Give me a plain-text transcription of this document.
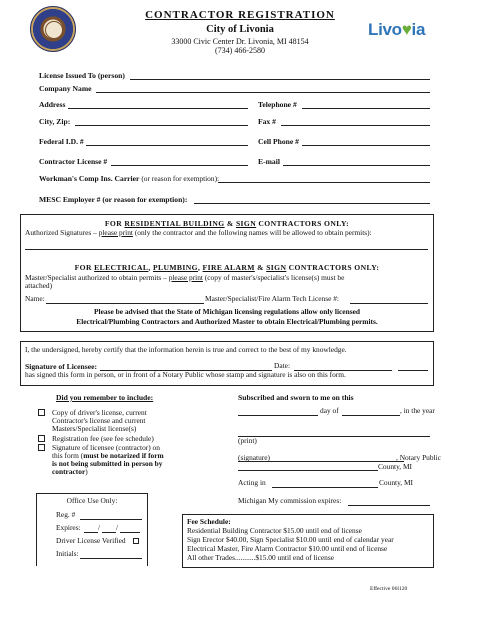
CONTRACTOR REGISTRATION
City of Livonia
33000 Civic Center Dr. Livonia, MI 48154
(734) 466-2580
Livo♥ia
License Issued To (person)
Company Name
Address	Telephone #
City, Zip:	Fax #
Federal I.D. #	Cell Phone #
Contractor License #	E-mail
Workman's Comp Ins. Carrier (or reason for exemption):
MESC Employer # (or reason for exemption):
FOR RESIDENTIAL BUILDING & SIGN CONTRACTORS ONLY:
Authorized Signatures – please print (only the contractor and the following names will be allowed to obtain permits):
FOR ELECTRICAL, PLUMBING, FIRE ALARM & SIGN CONTRACTORS ONLY:
Master/Specialist authorized to obtain permits – please print (copy of master's/specialist's license(s) must be
attached)
Name:	Master/Specialist/Fire Alarm Tech License #:
Please be advised that the State of Michigan licensing regulations allow only licensed
Electrical/Plumbing Contractors and Authorized Master to obtain Electrical/Plumbing permits.
I, the undersigned, hereby certify that the information herein is true and correct to the best of my knowledge.
Signature of Licensee:	Date:
has signed this form in person, or in front of a Notary Public whose stamp and signature is also on this form.
Did you remember to include:
Copy of driver's license, current
Contractor's license and current
Masters/Specialist license(s)
Registration fee (see fee schedule)
Signature of licensee (contractor) on
this form (must be notarized if form
is not being submitted in person by
contractor)
Subscribed and sworn to me on this
day of	, in the year
(print)
(signature)	, Notary Public
County, MI
Acting in	County, MI
Michigan My commission expires:
Office Use Only:
Reg. #
Expires: / /
Driver License Verified
Initials:
Fee Schedule:
Residential Building Contractor $15.00 until end of license
Sign Erector $40.00, Sign Specialist $10.00 until end of calendar year
Electrical Master, Fire Alarm Contractor $10.00 until end of license
All other Trades...........$15.00 until end of license
Effective 06l120
